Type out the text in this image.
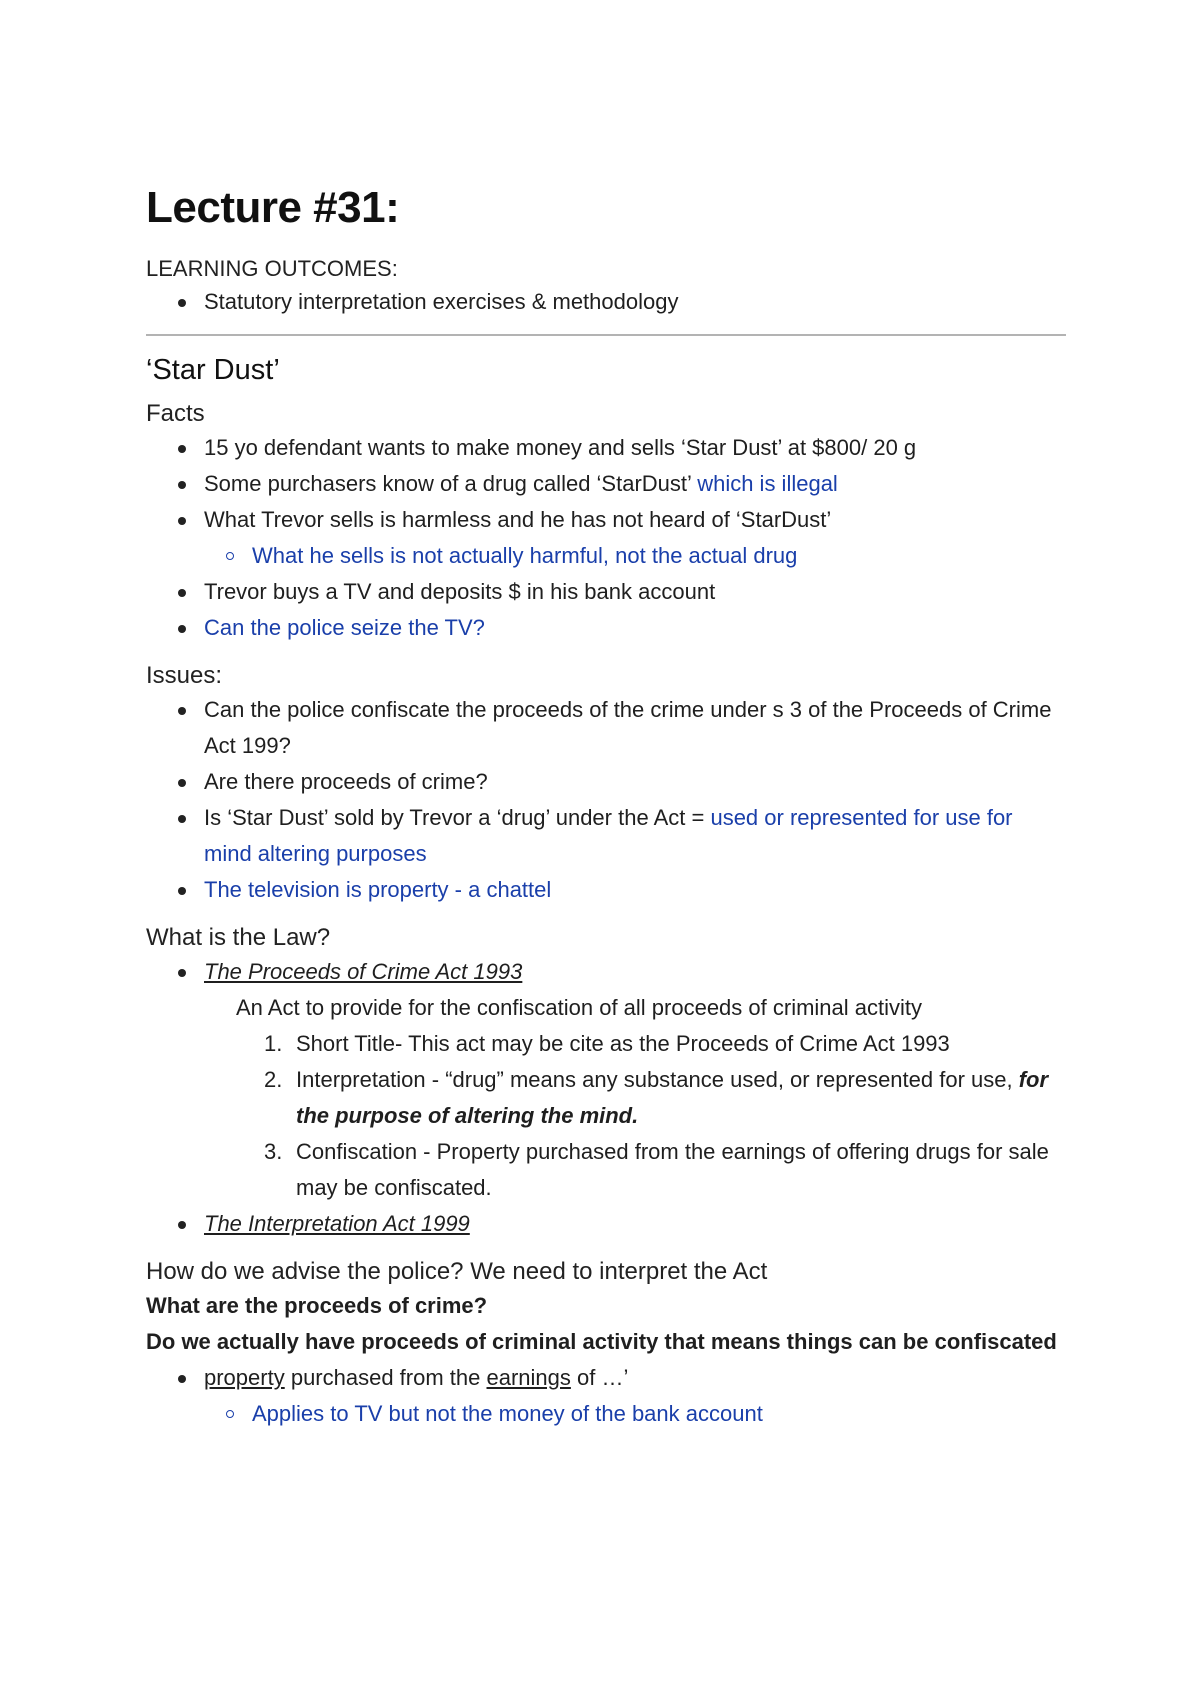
Lecture #31:
LEARNING OUTCOMES:
Statutory interpretation exercises & methodology
‘Star Dust’
Facts
15 yo defendant wants to make money and sells ‘Star Dust’ at $800/ 20 g
Some purchasers know of a drug called ‘StarDust’ which is illegal
What Trevor sells is harmless and he has not heard of ‘StarDust’
What he sells is not actually harmful, not the actual drug
Trevor buys a TV and deposits $ in his bank account
Can the police seize the TV?
Issues:
Can the police confiscate the proceeds of the crime under s 3 of the Proceeds of Crime Act 199?
Are there proceeds of crime?
Is ‘Star Dust’ sold by Trevor a ‘drug’ under the Act = used or represented for use for mind altering purposes
The television is property - a chattel
What is the Law?
The Proceeds of Crime Act 1993
An Act to provide for the confiscation of all proceeds of criminal activity
Short Title- This act may be cite as the Proceeds of Crime Act 1993
Interpretation - “drug” means any substance used, or represented for use, for the purpose of altering the mind.
Confiscation - Property purchased from the earnings of offering drugs for sale may be confiscated.
The Interpretation Act 1999
How do we advise the police? We need to interpret the Act
What are the proceeds of crime?
Do we actually have proceeds of criminal activity that means things can be confiscated
property purchased from the earnings of …’
Applies to TV but not the money of the bank account
